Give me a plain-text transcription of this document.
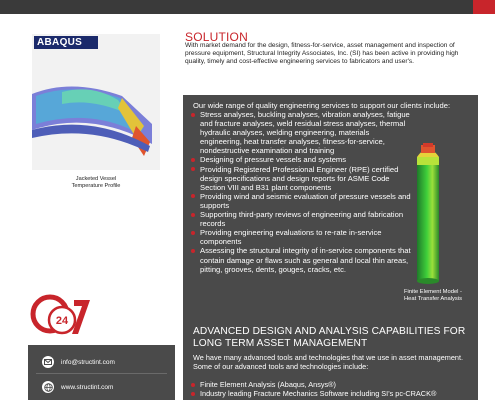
ABAQUS
Jacketed Vessel
Temperature Profile
24
info@structint.com
www.structint.com
SOLUTION
With market demand for the design, fitness-for-service, asset management and inspection of pressure equipment, Structural Integrity Associates, Inc. (SI) has been active in providing high quality, timely and cost-effective engineering services to fabricators and user's.
Our wide range of quality engineering services to support our clients include:
Stress analyses, buckling analyses, vibration analyses, fatigue and fracture analyses, weld residual stress analyses, thermal hydraulic analyses, welding engineering, materials engineering, heat transfer analyses, fitness-for-service, nondestructive examination and training
Designing of pressure vessels and systems
Providing Registered Professional Engineer (RPE) certified design specifications and design reports for ASME Code Section VIII and B31 plant components
Providing wind and seismic evaluation of pressure vessels and supports
Supporting third-party reviews of engineering and fabrication records
Providing engineering evaluations to re-rate in-service components
Assessing the structural integrity of in-service components that contain damage or flaws such as general and local thin areas, pitting, grooves, dents, gouges, cracks, etc.
Finite Element Model -
Heat Transfer Analysis
ADVANCED DESIGN AND ANALYSIS CAPABILITIES FOR LONG TERM ASSET MANAGEMENT
We have many advanced tools and technologies that we use in asset management.
Some of our advanced tools and technologies include:
Finite Element Analysis (Abaqus, Ansys®)
Industry leading Fracture Mechanics Software including SI's pc-CRACK®
